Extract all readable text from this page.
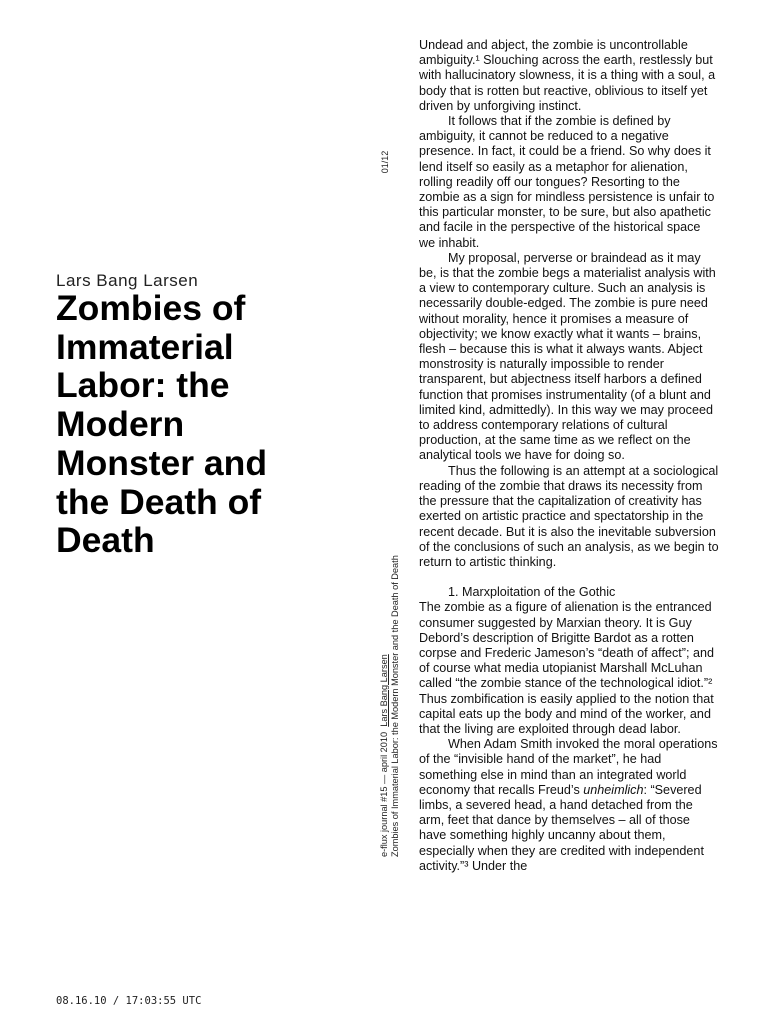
Lars Bang Larsen
Zombies of
Immaterial
Labor: the
Modern
Monster and
the Death of
Death
01/12
e-flux journal #15 — april 2010  Lars Bang Larsen Zombies of Immaterial Labor: the Modern Monster and the Death of Death

Undead and abject, the zombie is uncontrollable ambiguity.¹ Slouching across the earth, restlessly but with hallucinatory slowness, it is a thing with a soul, a body that is rotten but reactive, oblivious to itself yet driven by unforgiving instinct.

It follows that if the zombie is defined by ambiguity, it cannot be reduced to a negative presence. In fact, it could be a friend. So why does it lend itself so easily as a metaphor for alienation, rolling readily off our tongues? Resorting to the zombie as a sign for mindless persistence is unfair to this particular monster, to be sure, but also apathetic and facile in the perspective of the historical space we inhabit.

My proposal, perverse or braindead as it may be, is that the zombie begs a materialist analysis with a view to contemporary culture. Such an analysis is necessarily double-edged. The zombie is pure need without morality, hence it promises a measure of objectivity; we know exactly what it wants – brains, flesh – because this is what it always wants. Abject monstrosity is naturally impossible to render transparent, but abjectness itself harbors a defined function that promises instrumentality (of a blunt and limited kind, admittedly). In this way we may proceed to address contemporary relations of cultural production, at the same time as we reflect on the analytical tools we have for doing so.

Thus the following is an attempt at a sociological reading of the zombie that draws its necessity from the pressure that the capitalization of creativity has exerted on artistic practice and spectatorship in the recent decade. But it is also the inevitable subversion of the conclusions of such an analysis, as we begin to return to artistic thinking.

1. Marxploitation of the Gothic

The zombie as a figure of alienation is the entranced consumer suggested by Marxian theory. It is Guy Debord’s description of Brigitte Bardot as a rotten corpse and Frederic Jameson’s “death of affect”; and of course what media utopianist Marshall McLuhan called “the zombie stance of the technological idiot.”² Thus zombification is easily applied to the notion that capital eats up the body and mind of the worker, and that the living are exploited through dead labor.

When Adam Smith invoked the moral operations of the “invisible hand of the market”, he had something else in mind than an integrated world economy that recalls Freud’s unheimlich: “Severed limbs, a severed head, a hand detached from the arm, feet that dance by themselves – all of those have something highly uncanny about them, especially when they are credited with independent activity.”³ Under the

08.16.10 / 17:03:55 UTC
